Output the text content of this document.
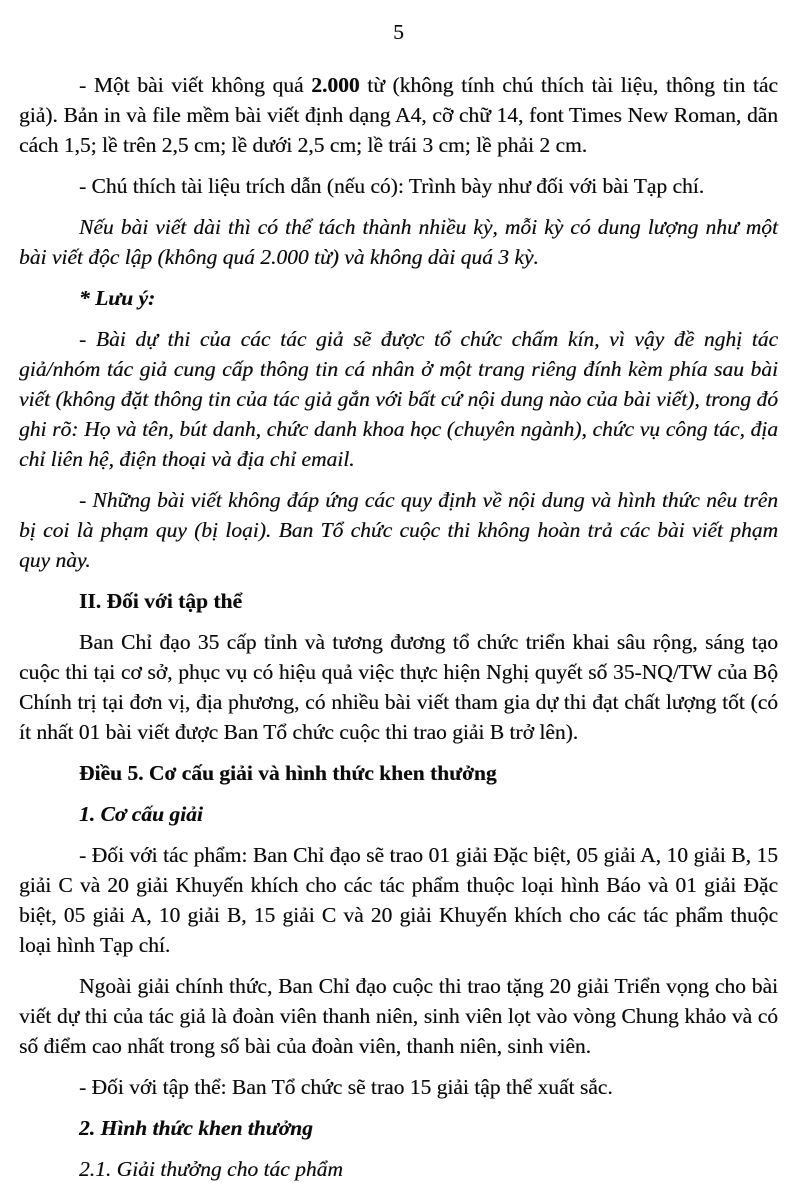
5

- Một bài viết không quá 2.000 từ (không tính chú thích tài liệu, thông tin tác giả). Bản in và file mềm bài viết định dạng A4, cỡ chữ 14, font Times New Roman, dãn cách 1,5; lề trên 2,5 cm; lề dưới 2,5 cm; lề trái 3 cm; lề phải 2 cm.

- Chú thích tài liệu trích dẫn (nếu có): Trình bày như đối với bài Tạp chí.

Nếu bài viết dài thì có thể tách thành nhiều kỳ, mỗi kỳ có dung lượng như một bài viết độc lập (không quá 2.000 từ) và không dài quá 3 kỳ.

* Lưu ý:

- Bài dự thi của các tác giả sẽ được tổ chức chấm kín, vì vậy đề nghị tác giả/nhóm tác giả cung cấp thông tin cá nhân ở một trang riêng đính kèm phía sau bài viết (không đặt thông tin của tác giả gắn với bất cứ nội dung nào của bài viết), trong đó ghi rõ: Họ và tên, bút danh, chức danh khoa học (chuyên ngành), chức vụ công tác, địa chỉ liên hệ, điện thoại và địa chỉ email.

- Những bài viết không đáp ứng các quy định về nội dung và hình thức nêu trên bị coi là phạm quy (bị loại). Ban Tổ chức cuộc thi không hoàn trả các bài viết phạm quy này.

II. Đối với tập thể

Ban Chỉ đạo 35 cấp tỉnh và tương đương tổ chức triển khai sâu rộng, sáng tạo cuộc thi tại cơ sở, phục vụ có hiệu quả việc thực hiện Nghị quyết số 35-NQ/TW của Bộ Chính trị tại đơn vị, địa phương, có nhiều bài viết tham gia dự thi đạt chất lượng tốt (có ít nhất 01 bài viết được Ban Tổ chức cuộc thi trao giải B trở lên).

Điều 5. Cơ cấu giải và hình thức khen thưởng

1. Cơ cấu giải

- Đối với tác phẩm: Ban Chỉ đạo sẽ trao 01 giải Đặc biệt, 05 giải A, 10 giải B, 15 giải C và 20 giải Khuyến khích cho các tác phẩm thuộc loại hình Báo và 01 giải Đặc biệt, 05 giải A, 10 giải B, 15 giải C và 20 giải Khuyến khích cho các tác phẩm thuộc loại hình Tạp chí.

Ngoài giải chính thức, Ban Chỉ đạo cuộc thi trao tặng 20 giải Triển vọng cho bài viết dự thi của tác giả là đoàn viên thanh niên, sinh viên lọt vào vòng Chung khảo và có số điểm cao nhất trong số bài của đoàn viên, thanh niên, sinh viên.

- Đối với tập thể: Ban Tổ chức sẽ trao 15 giải tập thể xuất sắc.

2. Hình thức khen thưởng

2.1. Giải thưởng cho tác phẩm
